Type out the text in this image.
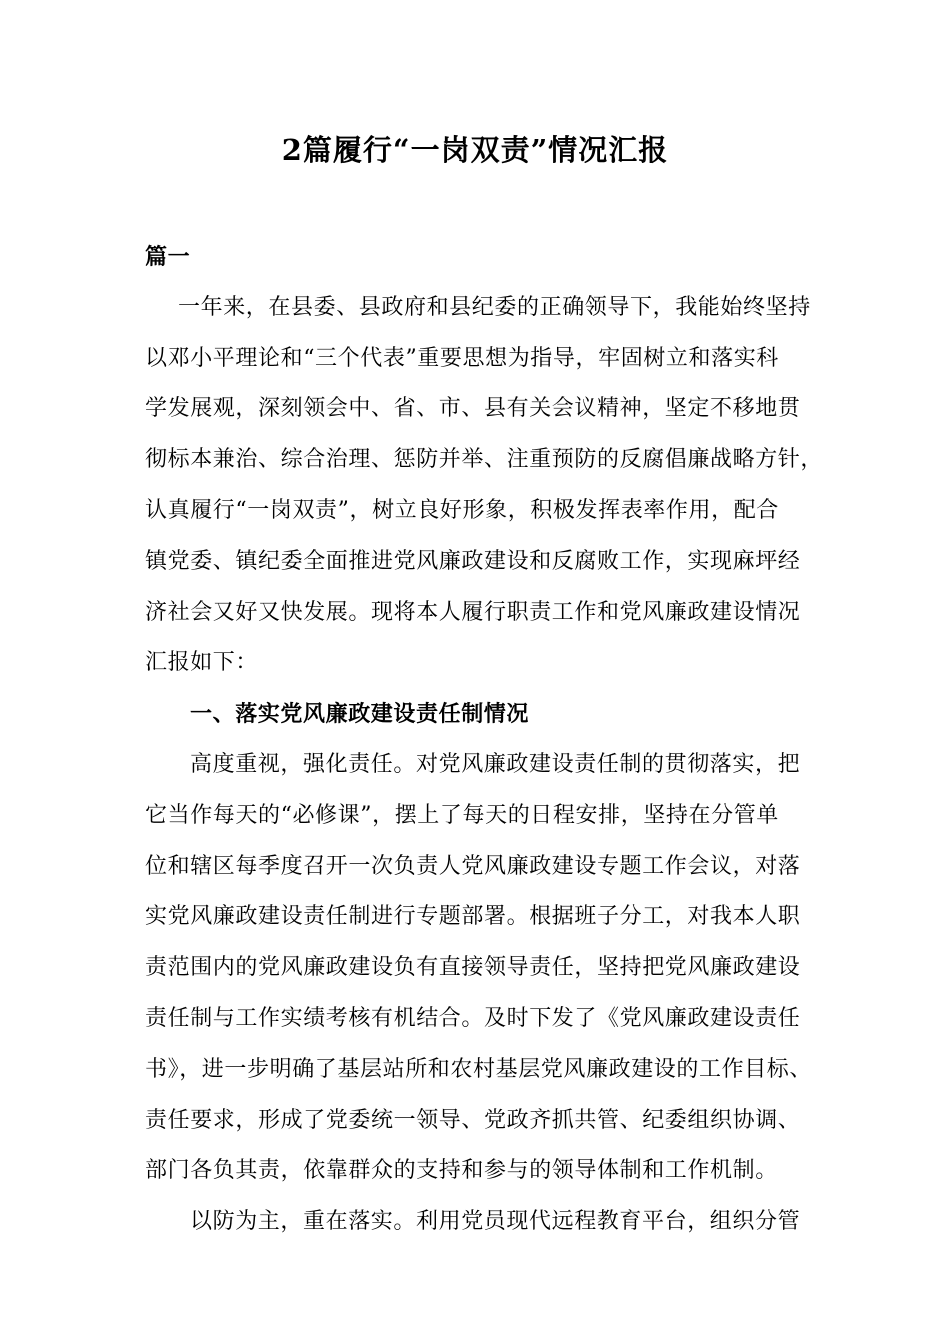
2篇履行“一岗双责”情况汇报
篇一
一年来，在县委、县政府和县纪委的正确领导下，我能始终坚持
以邓小平理论和“三个代表”重要思想为指导，牢固树立和落实科
学发展观，深刻领会中、省、市、县有关会议精神，坚定不移地贯
彻标本兼治、综合治理、惩防并举、注重预防的反腐倡廉战略方针，
认真履行“一岗双责”，树立良好形象，积极发挥表率作用，配合
镇党委、镇纪委全面推进党风廉政建设和反腐败工作，实现麻坪经
济社会又好又快发展。现将本人履行职责工作和党风廉政建设情况
汇报如下：
一、落实党风廉政建设责任制情况
高度重视，强化责任。对党风廉政建设责任制的贯彻落实，把
它当作每天的“必修课”，摆上了每天的日程安排，坚持在分管单
位和辖区每季度召开一次负责人党风廉政建设专题工作会议，对落
实党风廉政建设责任制进行专题部署。根据班子分工，对我本人职
责范围内的党风廉政建设负有直接领导责任，坚持把党风廉政建设
责任制与工作实绩考核有机结合。及时下发了《党风廉政建设责任
书》，进一步明确了基层站所和农村基层党风廉政建设的工作目标、
责任要求，形成了党委统一领导、党政齐抓共管、纪委组织协调、
部门各负其责，依靠群众的支持和参与的领导体制和工作机制。
以防为主，重在落实。利用党员现代远程教育平台，组织分管
